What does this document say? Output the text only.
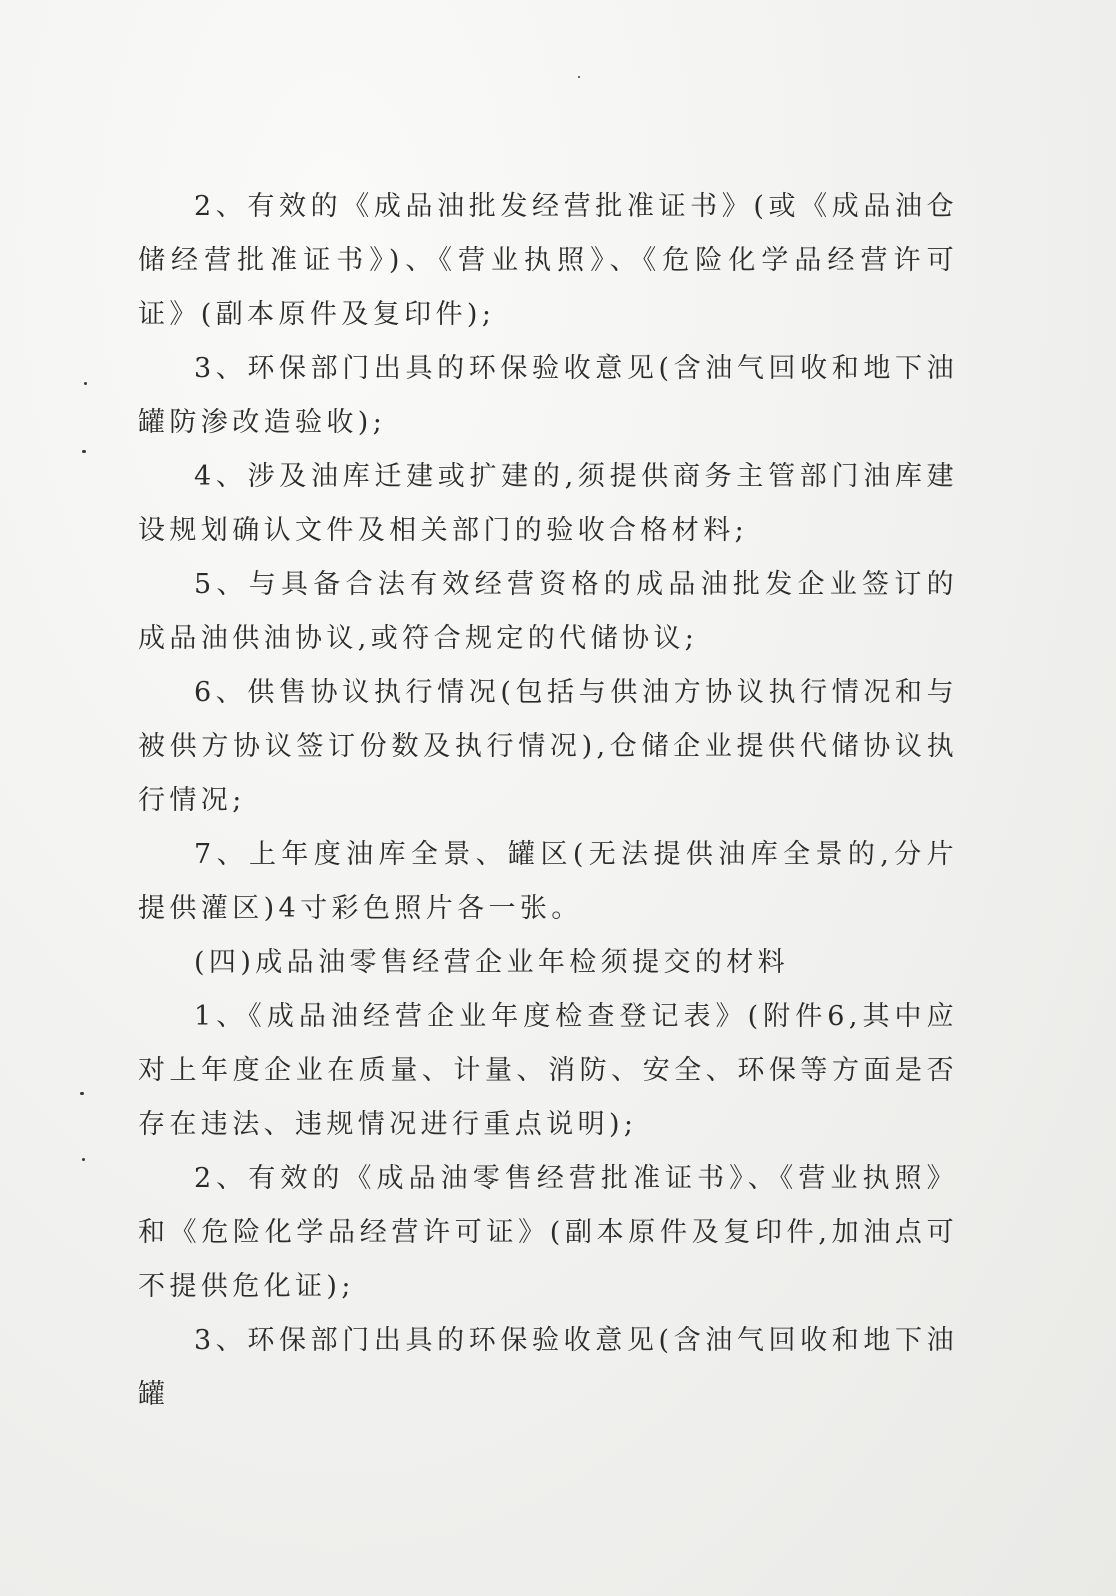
2、有效的《成品油批发经营批准证书》(或《成品油仓储经营批准证书》)、《营业执照》、《危险化学品经营许可证》(副本原件及复印件);

3、环保部门出具的环保验收意见(含油气回收和地下油罐防渗改造验收);

4、涉及油库迁建或扩建的,须提供商务主管部门油库建设规划确认文件及相关部门的验收合格材料;

5、与具备合法有效经营资格的成品油批发企业签订的成品油供油协议,或符合规定的代储协议;

6、供售协议执行情况(包括与供油方协议执行情况和与被供方协议签订份数及执行情况),仓储企业提供代储协议执行情况;

7、上年度油库全景、罐区(无法提供油库全景的,分片提供灌区)4寸彩色照片各一张。

(四)成品油零售经营企业年检须提交的材料

1、《成品油经营企业年度检查登记表》(附件6,其中应对上年度企业在质量、计量、消防、安全、环保等方面是否存在违法、违规情况进行重点说明);

2、有效的《成品油零售经营批准证书》、《营业执照》和《危险化学品经营许可证》(副本原件及复印件,加油点可不提供危化证);

3、环保部门出具的环保验收意见(含油气回收和地下油罐
